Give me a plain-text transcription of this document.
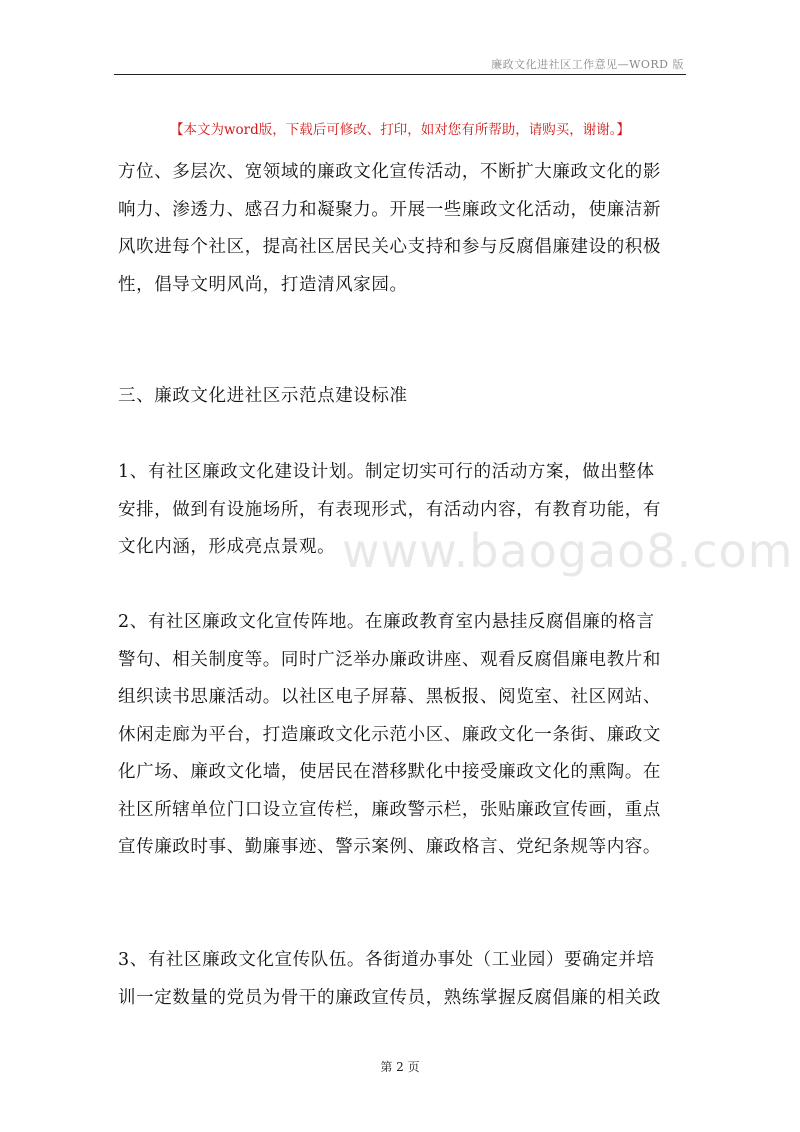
廉政文化进社区工作意见—WORD 版
【本文为word版，下载后可修改、打印，如对您有所帮助，请购买，谢谢。】
方位、多层次、宽领域的廉政文化宣传活动，不断扩大廉政文化的影
响力、渗透力、感召力和凝聚力。开展一些廉政文化活动，使廉洁新
风吹进每个社区，提高社区居民关心支持和参与反腐倡廉建设的积极
性，倡导文明风尚，打造清风家园。
三、廉政文化进社区示范点建设标准
1、有社区廉政文化建设计划。制定切实可行的活动方案，做出整体
安排，做到有设施场所，有表现形式，有活动内容，有教育功能，有
文化内涵，形成亮点景观。
2、有社区廉政文化宣传阵地。在廉政教育室内悬挂反腐倡廉的格言
警句、相关制度等。同时广泛举办廉政讲座、观看反腐倡廉电教片和
组织读书思廉活动。以社区电子屏幕、黑板报、阅览室、社区网站、
休闲走廊为平台，打造廉政文化示范小区、廉政文化一条街、廉政文
化广场、廉政文化墙，使居民在潜移默化中接受廉政文化的熏陶。在
社区所辖单位门口设立宣传栏，廉政警示栏，张贴廉政宣传画，重点
宣传廉政时事、勤廉事迹、警示案例、廉政格言、党纪条规等内容。
3、有社区廉政文化宣传队伍。各街道办事处（工业园）要确定并培
训一定数量的党员为骨干的廉政宣传员，熟练掌握反腐倡廉的相关政
www.baogao8.com
第 2 页
